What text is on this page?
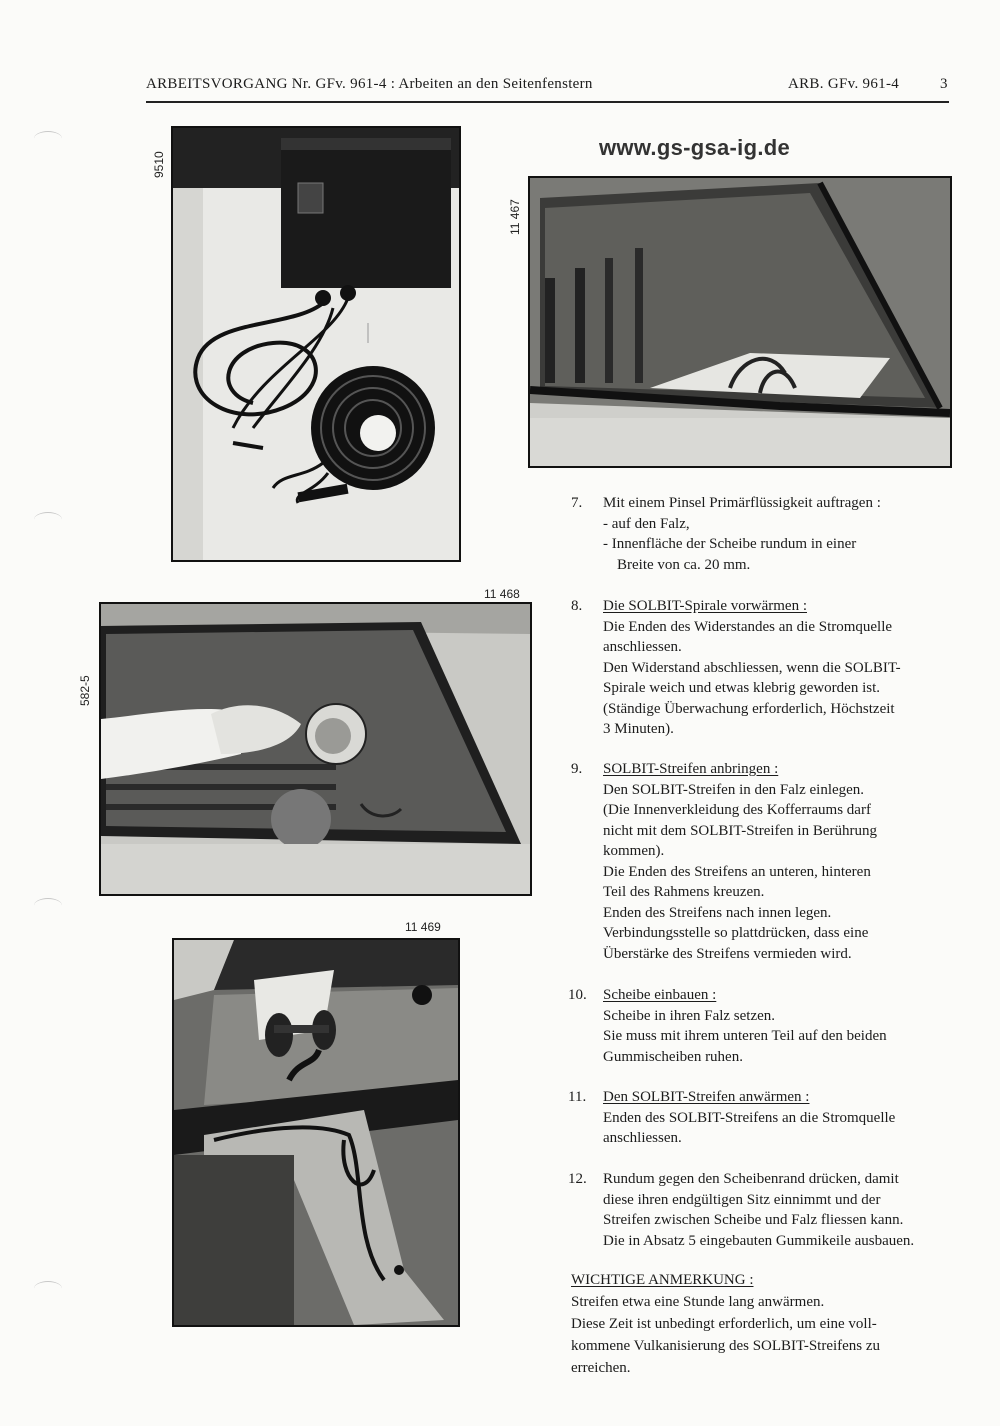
ARBEITSVORGANG Nr. GFv. 961-4 : Arbeiten an den Seitenfenstern	ARB. GFv. 961-4	3
www.gs-gsa-ig.de
9510
11 467
7. Mit einem Pinsel Primärflüssigkeit auftragen :
- auf den Falz,
- Innenfläche der Scheibe rundum in einer
Breite von ca. 20 mm.
11 468
582-5
8. Die SOLBIT-Spirale vorwärmen :
Die Enden des Widerstandes an die Stromquelle
anschliessen.
Den Widerstand abschliessen, wenn die SOLBIT-
Spirale weich und etwas klebrig geworden ist.
(Ständige Überwachung erforderlich, Höchstzeit
3 Minuten).
9. SOLBIT-Streifen anbringen :
Den SOLBIT-Streifen in den Falz einlegen.
(Die Innenverkleidung des Kofferraums darf
nicht mit dem SOLBIT-Streifen in Berührung
kommen).
Die Enden des Streifens an unteren, hinteren
Teil des Rahmens kreuzen.
Enden des Streifens nach innen legen.
Verbindungsstelle so plattdrücken, dass eine
Überstärke des Streifens vermieden wird.
11 469
10. Scheibe einbauen :
Scheibe in ihren Falz setzen.
Sie muss mit ihrem unteren Teil auf den beiden
Gummischeiben ruhen.
11. Den SOLBIT-Streifen anwärmen :
Enden des SOLBIT-Streifens an die Stromquelle
anschliessen.
12. Rundum gegen den Scheibenrand drücken, damit
diese ihren endgültigen Sitz einnimmt und der
Streifen zwischen Scheibe und Falz fliessen kann.
Die in Absatz 5 eingebauten Gummikeile ausbauen.
WICHTIGE ANMERKUNG :
Streifen etwa eine Stunde lang anwärmen.
Diese Zeit ist unbedingt erforderlich, um eine voll-
kommene Vulkanisierung des SOLBIT-Streifens zu
erreichen.
